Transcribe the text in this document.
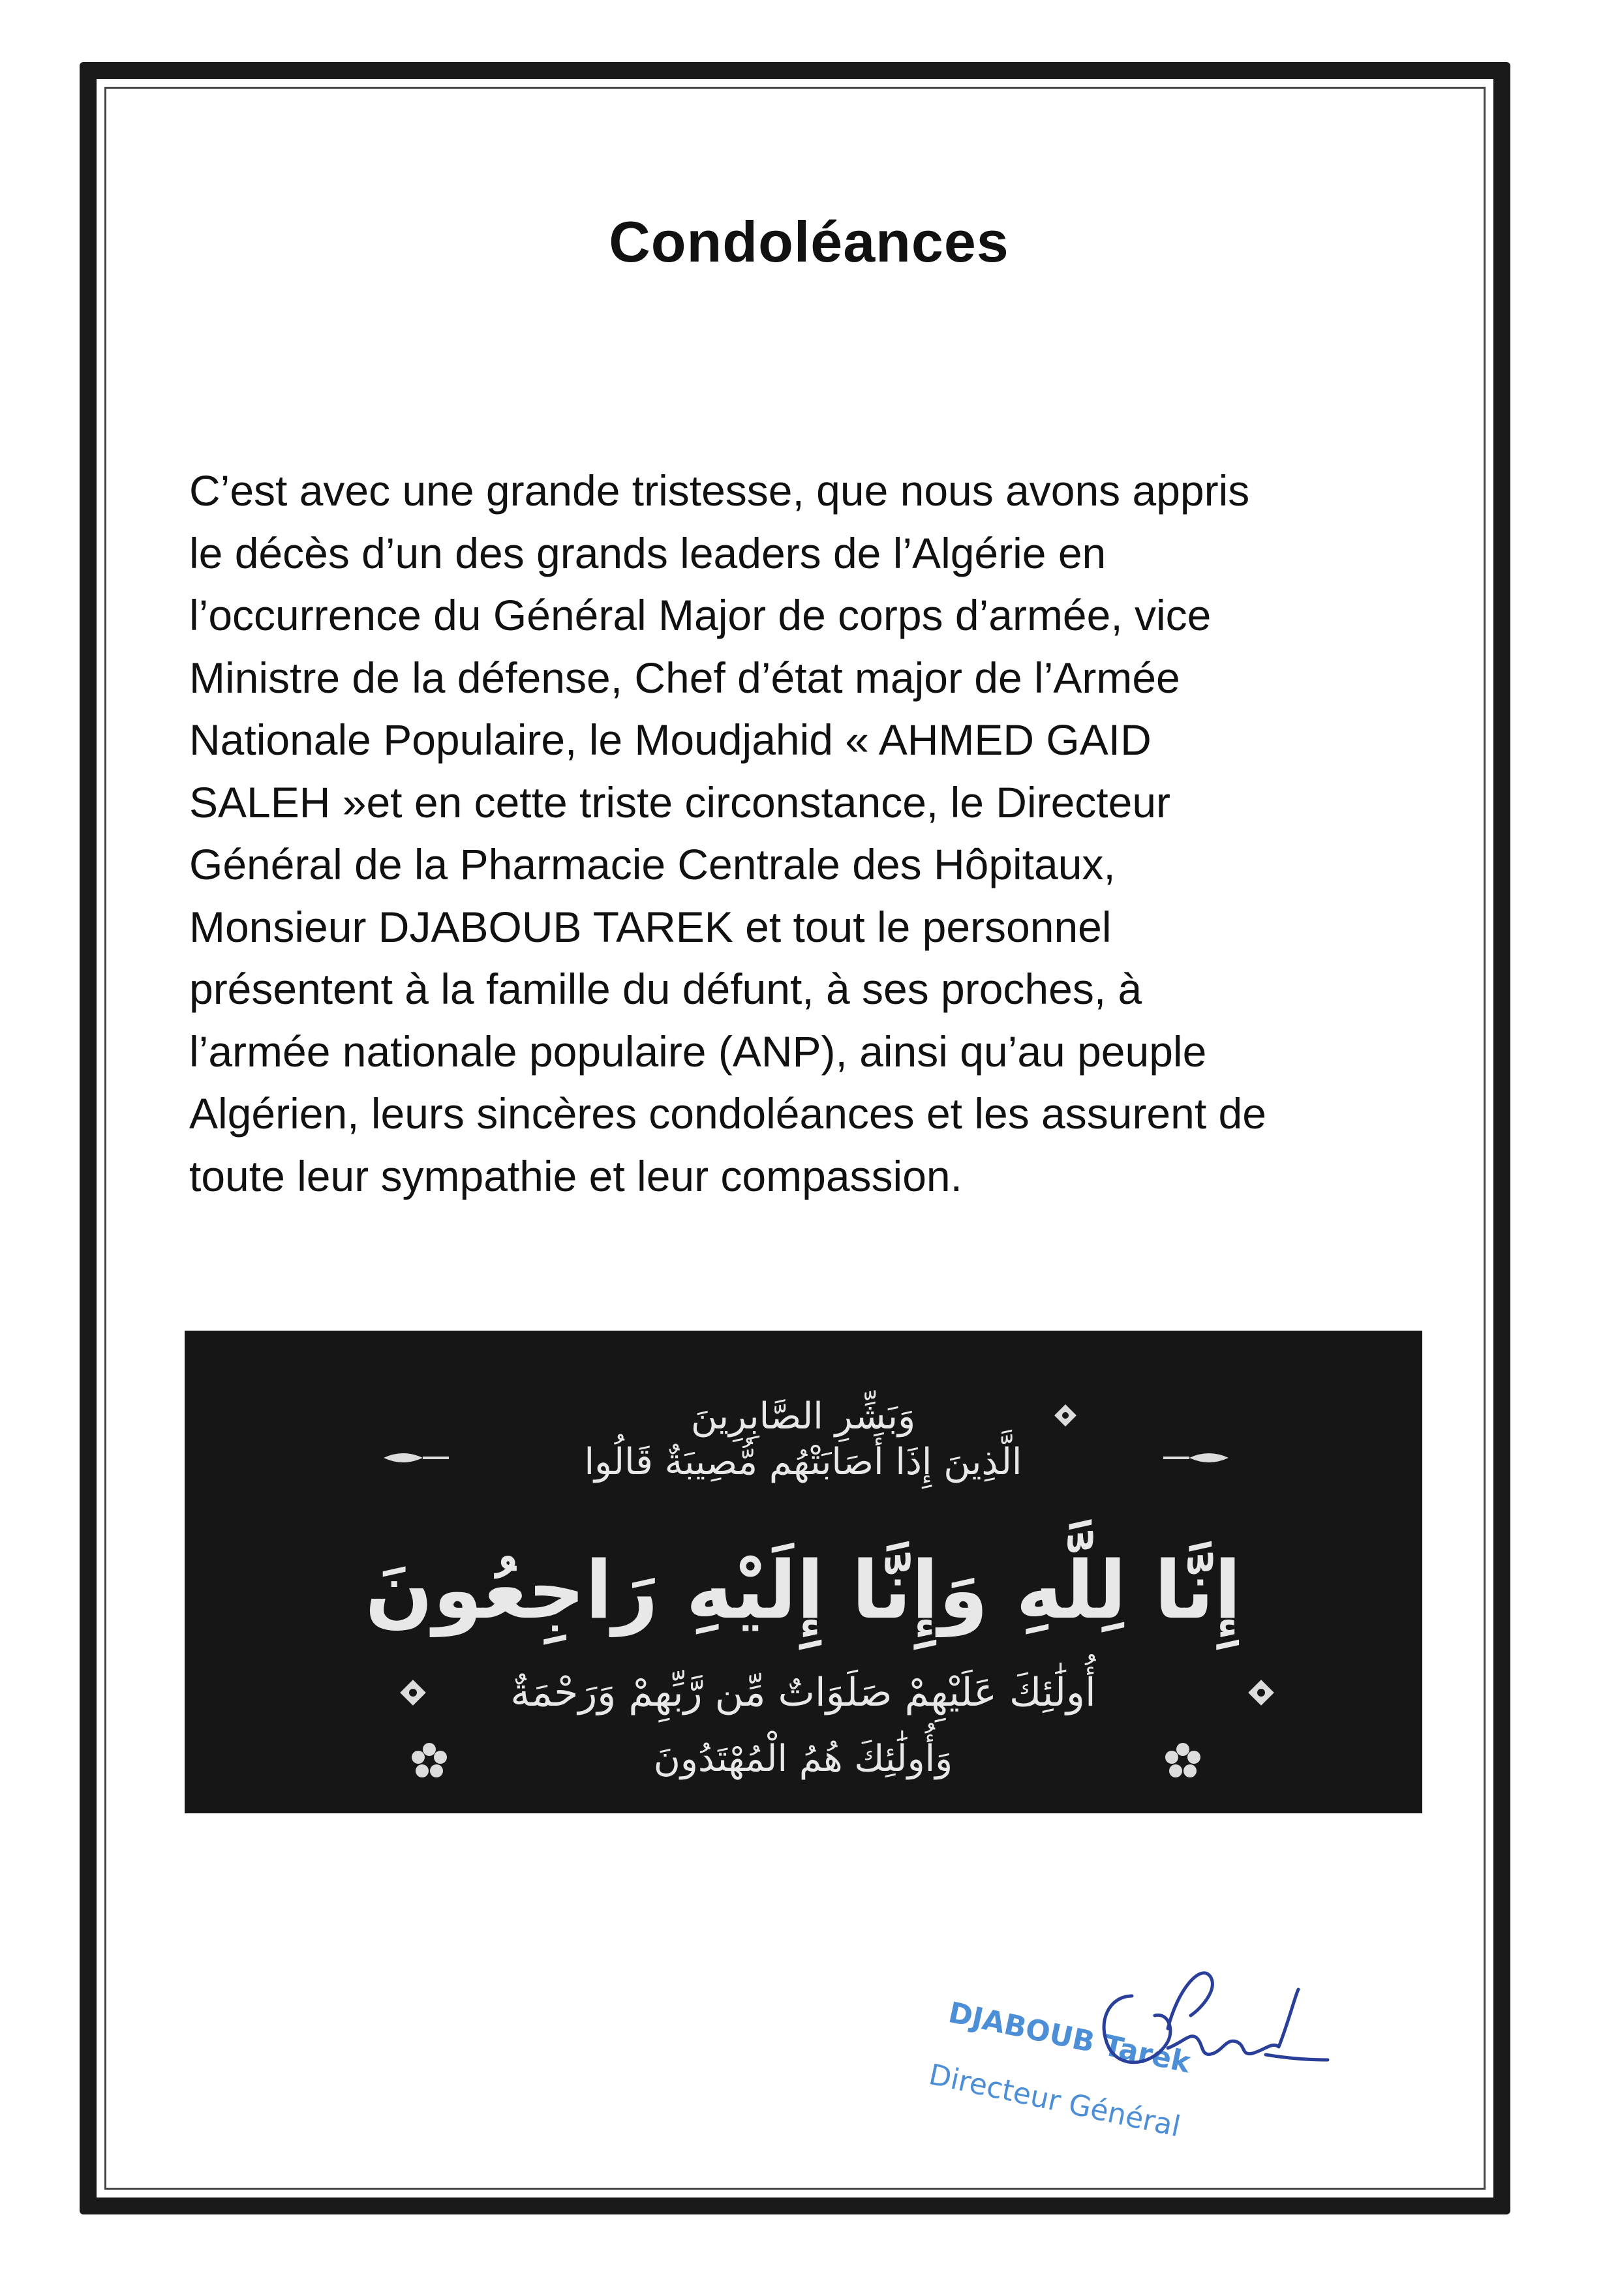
Condoléances

C’est avec une grande tristesse, que nous avons appris
le décès d’un des grands leaders de l’Algérie en
l’occurrence du Général Major de corps d’armée, vice
Ministre de la défense, Chef d’état major de l’Armée
Nationale Populaire, le Moudjahid « AHMED GAID
SALEH »et en cette triste circonstance, le Directeur
Général de la Pharmacie Centrale des Hôpitaux,
Monsieur DJABOUB TAREK et tout le personnel
présentent à la famille du défunt, à ses proches, à
l’armée nationale populaire (ANP), ainsi qu’au peuple
Algérien, leurs sincères condoléances et les assurent de
toute leur sympathie et leur compassion.

وَبَشِّرِ الصَّابِرِينَ
الَّذِينَ إِذَا أَصَابَتْهُم مُّصِيبَةٌ قَالُوا
إِنَّا لِلَّهِ وَإِنَّا إِلَيْهِ رَاجِعُونَ
أُولَٰئِكَ عَلَيْهِمْ صَلَوَاتٌ مِّن رَّبِّهِمْ وَرَحْمَةٌ
وَأُولَٰئِكَ هُمُ الْمُهْتَدُونَ
DJABOUB Tarek
Directeur Général
